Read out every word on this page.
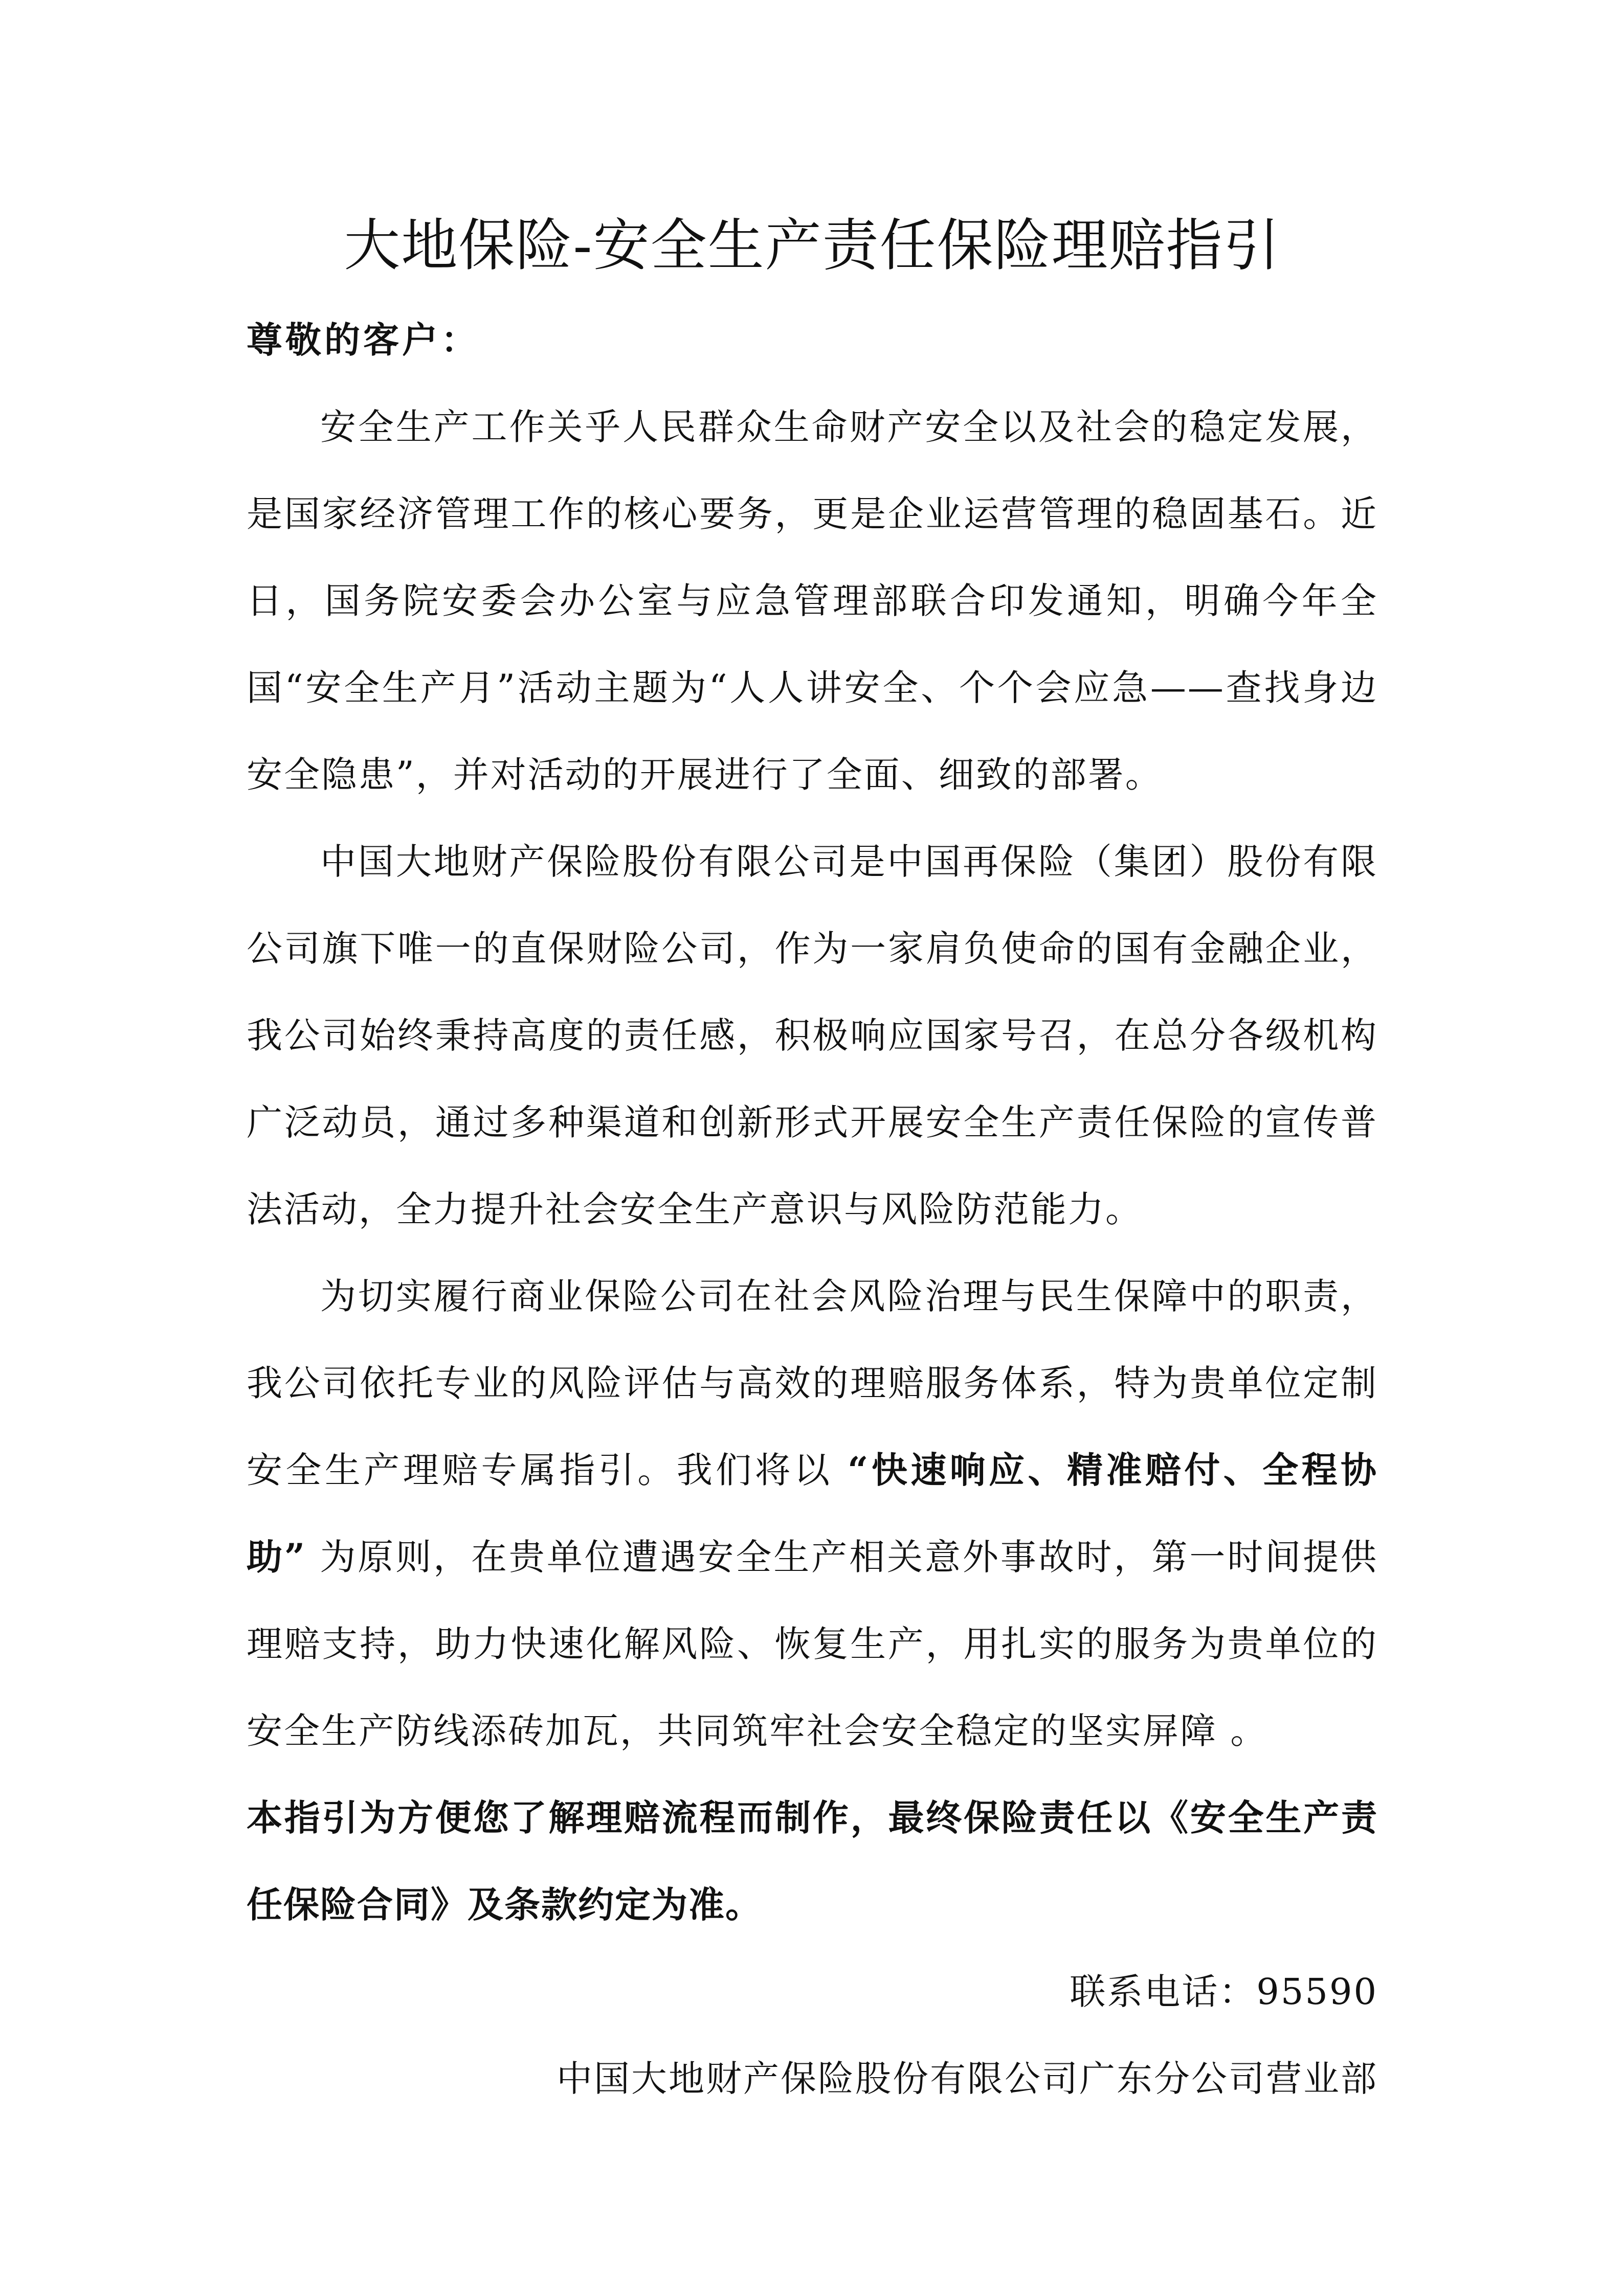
大地保险-安全生产责任保险理赔指引

尊敬的客户：

安全生产工作关乎人民群众生命财产安全以及社会的稳定发展，是国家经济管理工作的核心要务，更是企业运营管理的稳固基石。近日，国务院安委会办公室与应急管理部联合印发通知，明确今年全国“安全生产月”活动主题为“人人讲安全、个个会应急——查找身边安全隐患”，并对活动的开展进行了全面、细致的部署。

中国大地财产保险股份有限公司是中国再保险（集团）股份有限公司旗下唯一的直保财险公司，作为一家肩负使命的国有金融企业，我公司始终秉持高度的责任感，积极响应国家号召，在总分各级机构广泛动员，通过多种渠道和创新形式开展安全生产责任保险的宣传普法活动，全力提升社会安全生产意识与风险防范能力。

为切实履行商业保险公司在社会风险治理与民生保障中的职责，我公司依托专业的风险评估与高效的理赔服务体系，特为贵单位定制安全生产理赔专属指引。我们将以 “快速响应、精准赔付、全程协助” 为原则，在贵单位遭遇安全生产相关意外事故时，第一时间提供理赔支持，助力快速化解风险、恢复生产，用扎实的服务为贵单位的安全生产防线添砖加瓦，共同筑牢社会安全稳定的坚实屏障 。

本指引为方便您了解理赔流程而制作，最终保险责任以《安全生产责任保险合同》及条款约定为准。

联系电话：95590

中国大地财产保险股份有限公司广东分公司营业部
